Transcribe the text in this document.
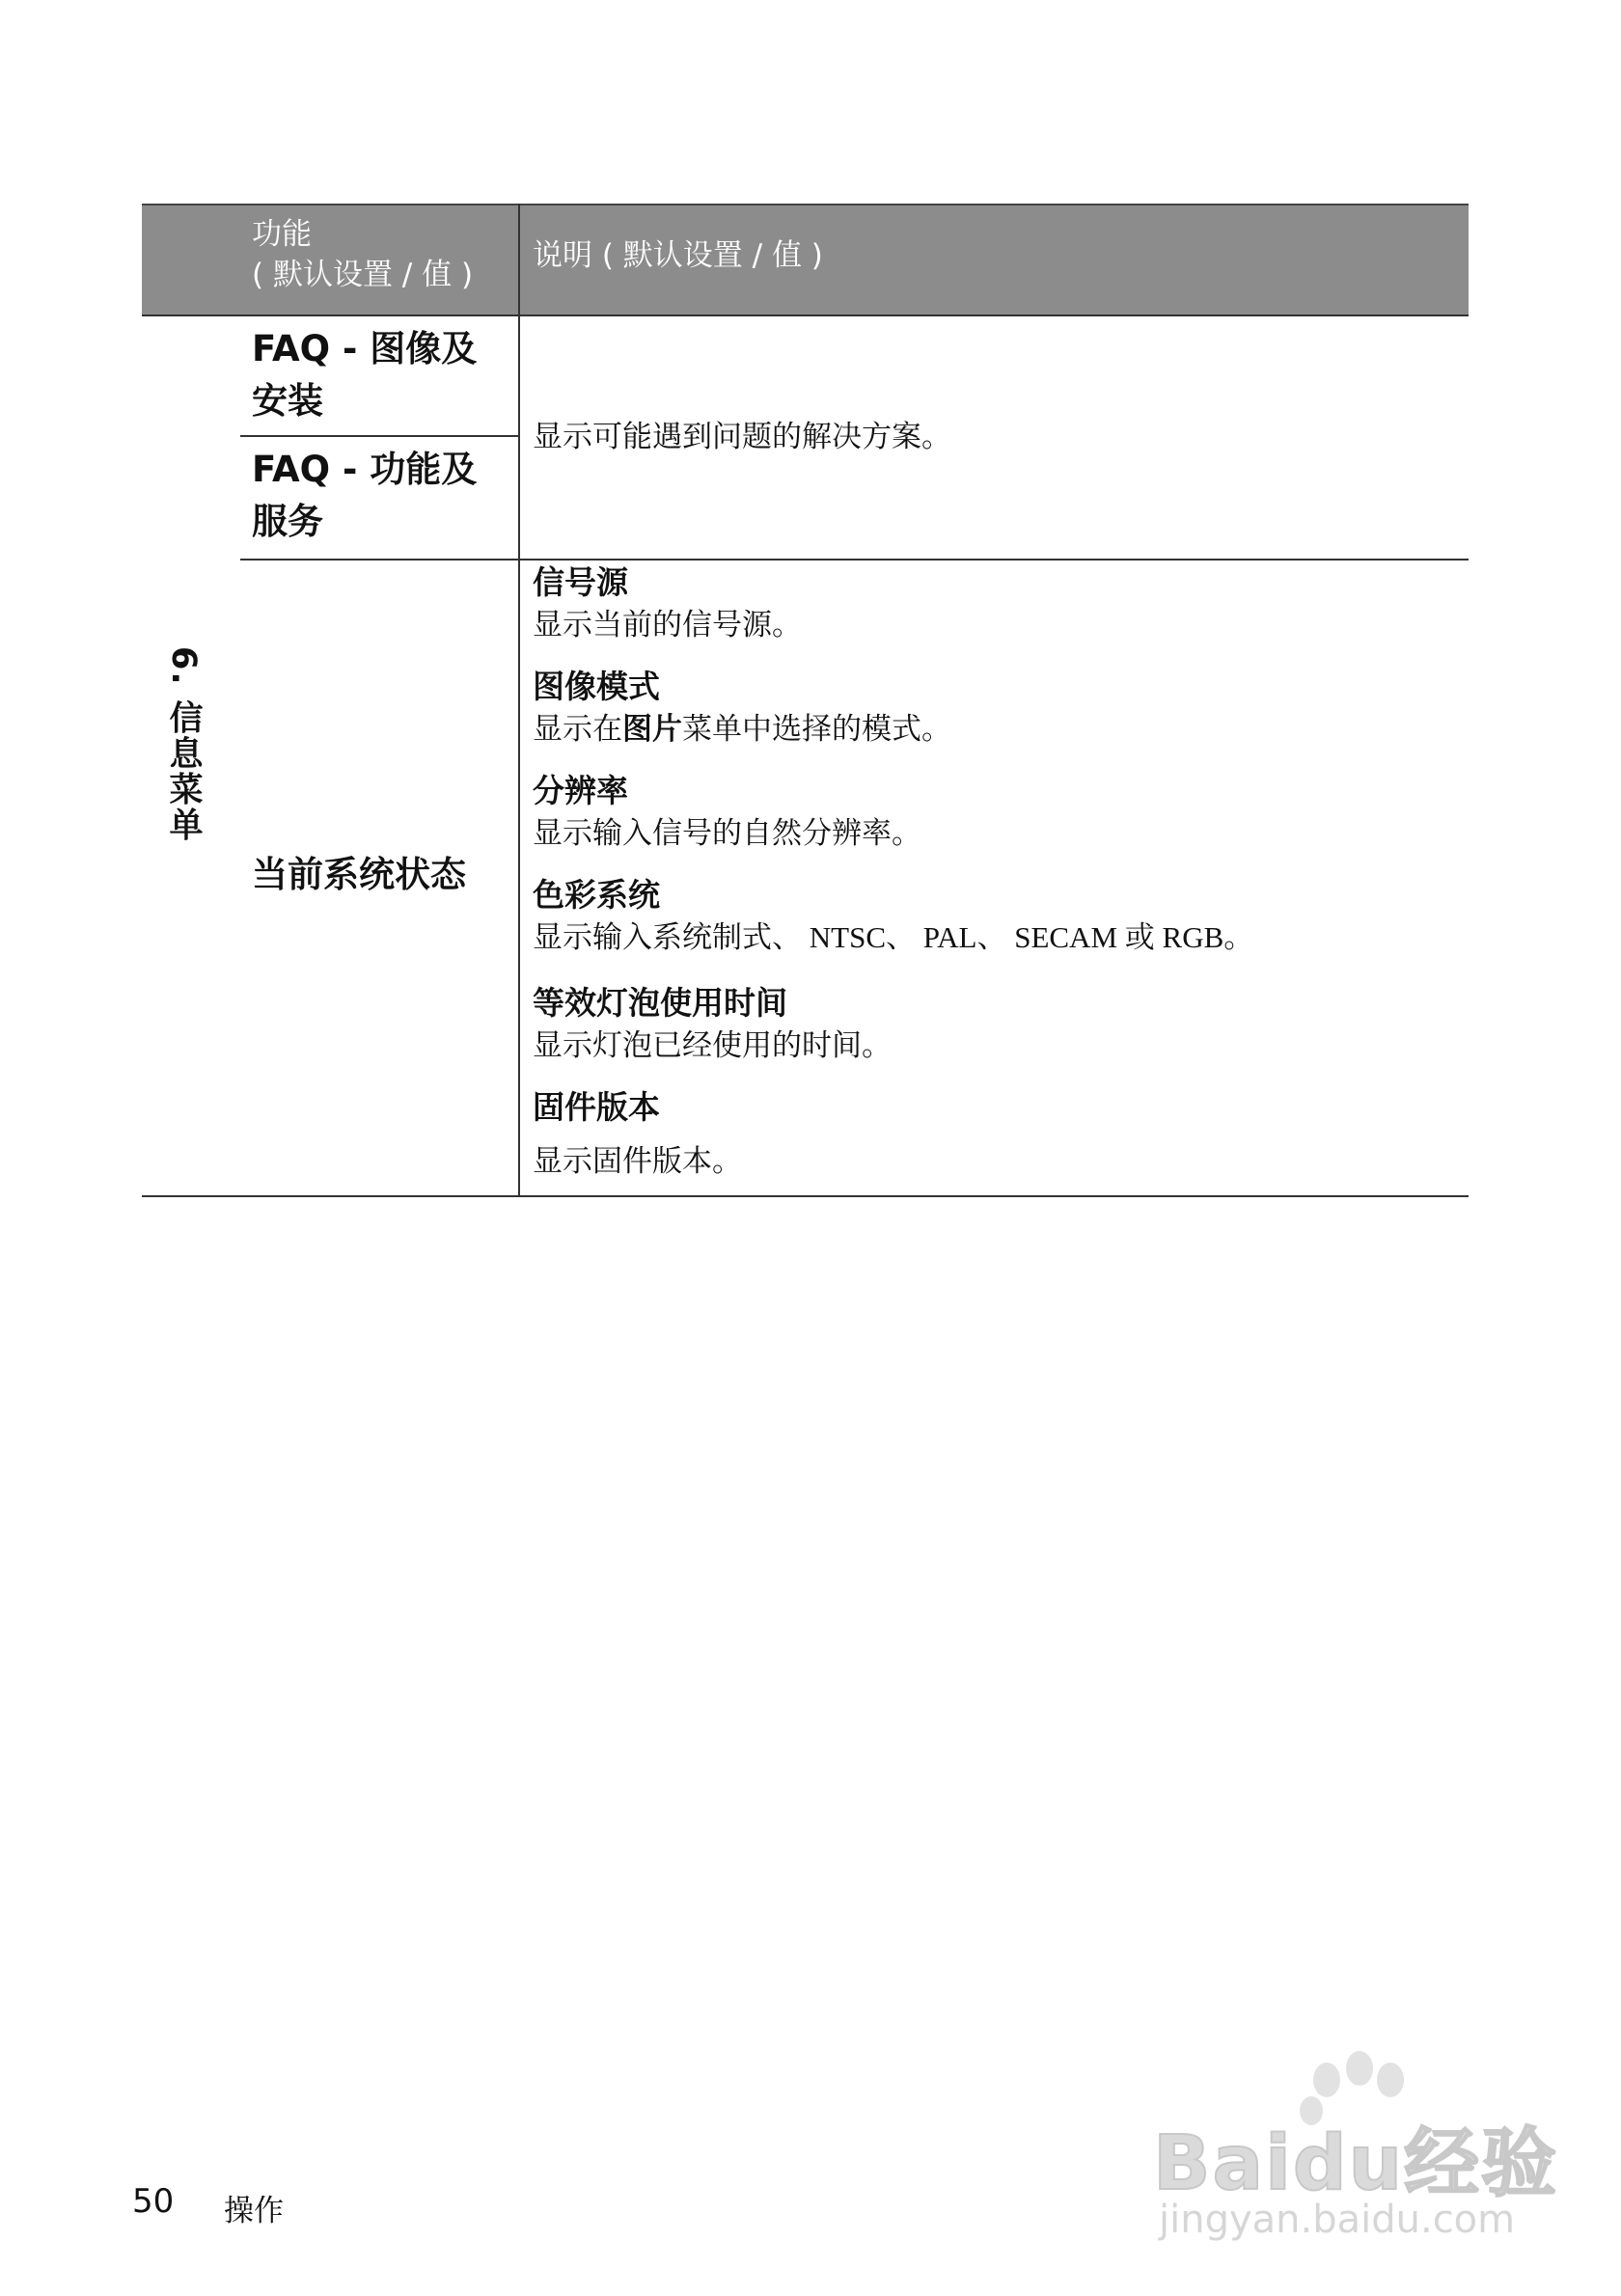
功能
( 默认设置 / 值 )
说明 ( 默认设置 / 值 )
6. 信息菜单
FAQ - 图像及
安装
FAQ - 功能及
服务
显示可能遇到问题的解决方案。
当前系统状态
信号源
显示当前的信号源。
图像模式
显示在图片菜单中选择的模式。
分辨率
显示输入信号的自然分辨率。
色彩系统
显示输入系统制式、 NTSC、 PAL、 SECAM 或 RGB。
等效灯泡使用时间
显示灯泡已经使用的时间。
固件版本
显示固件版本。
50 操作
Baidu经验
jingyan.baidu.com
